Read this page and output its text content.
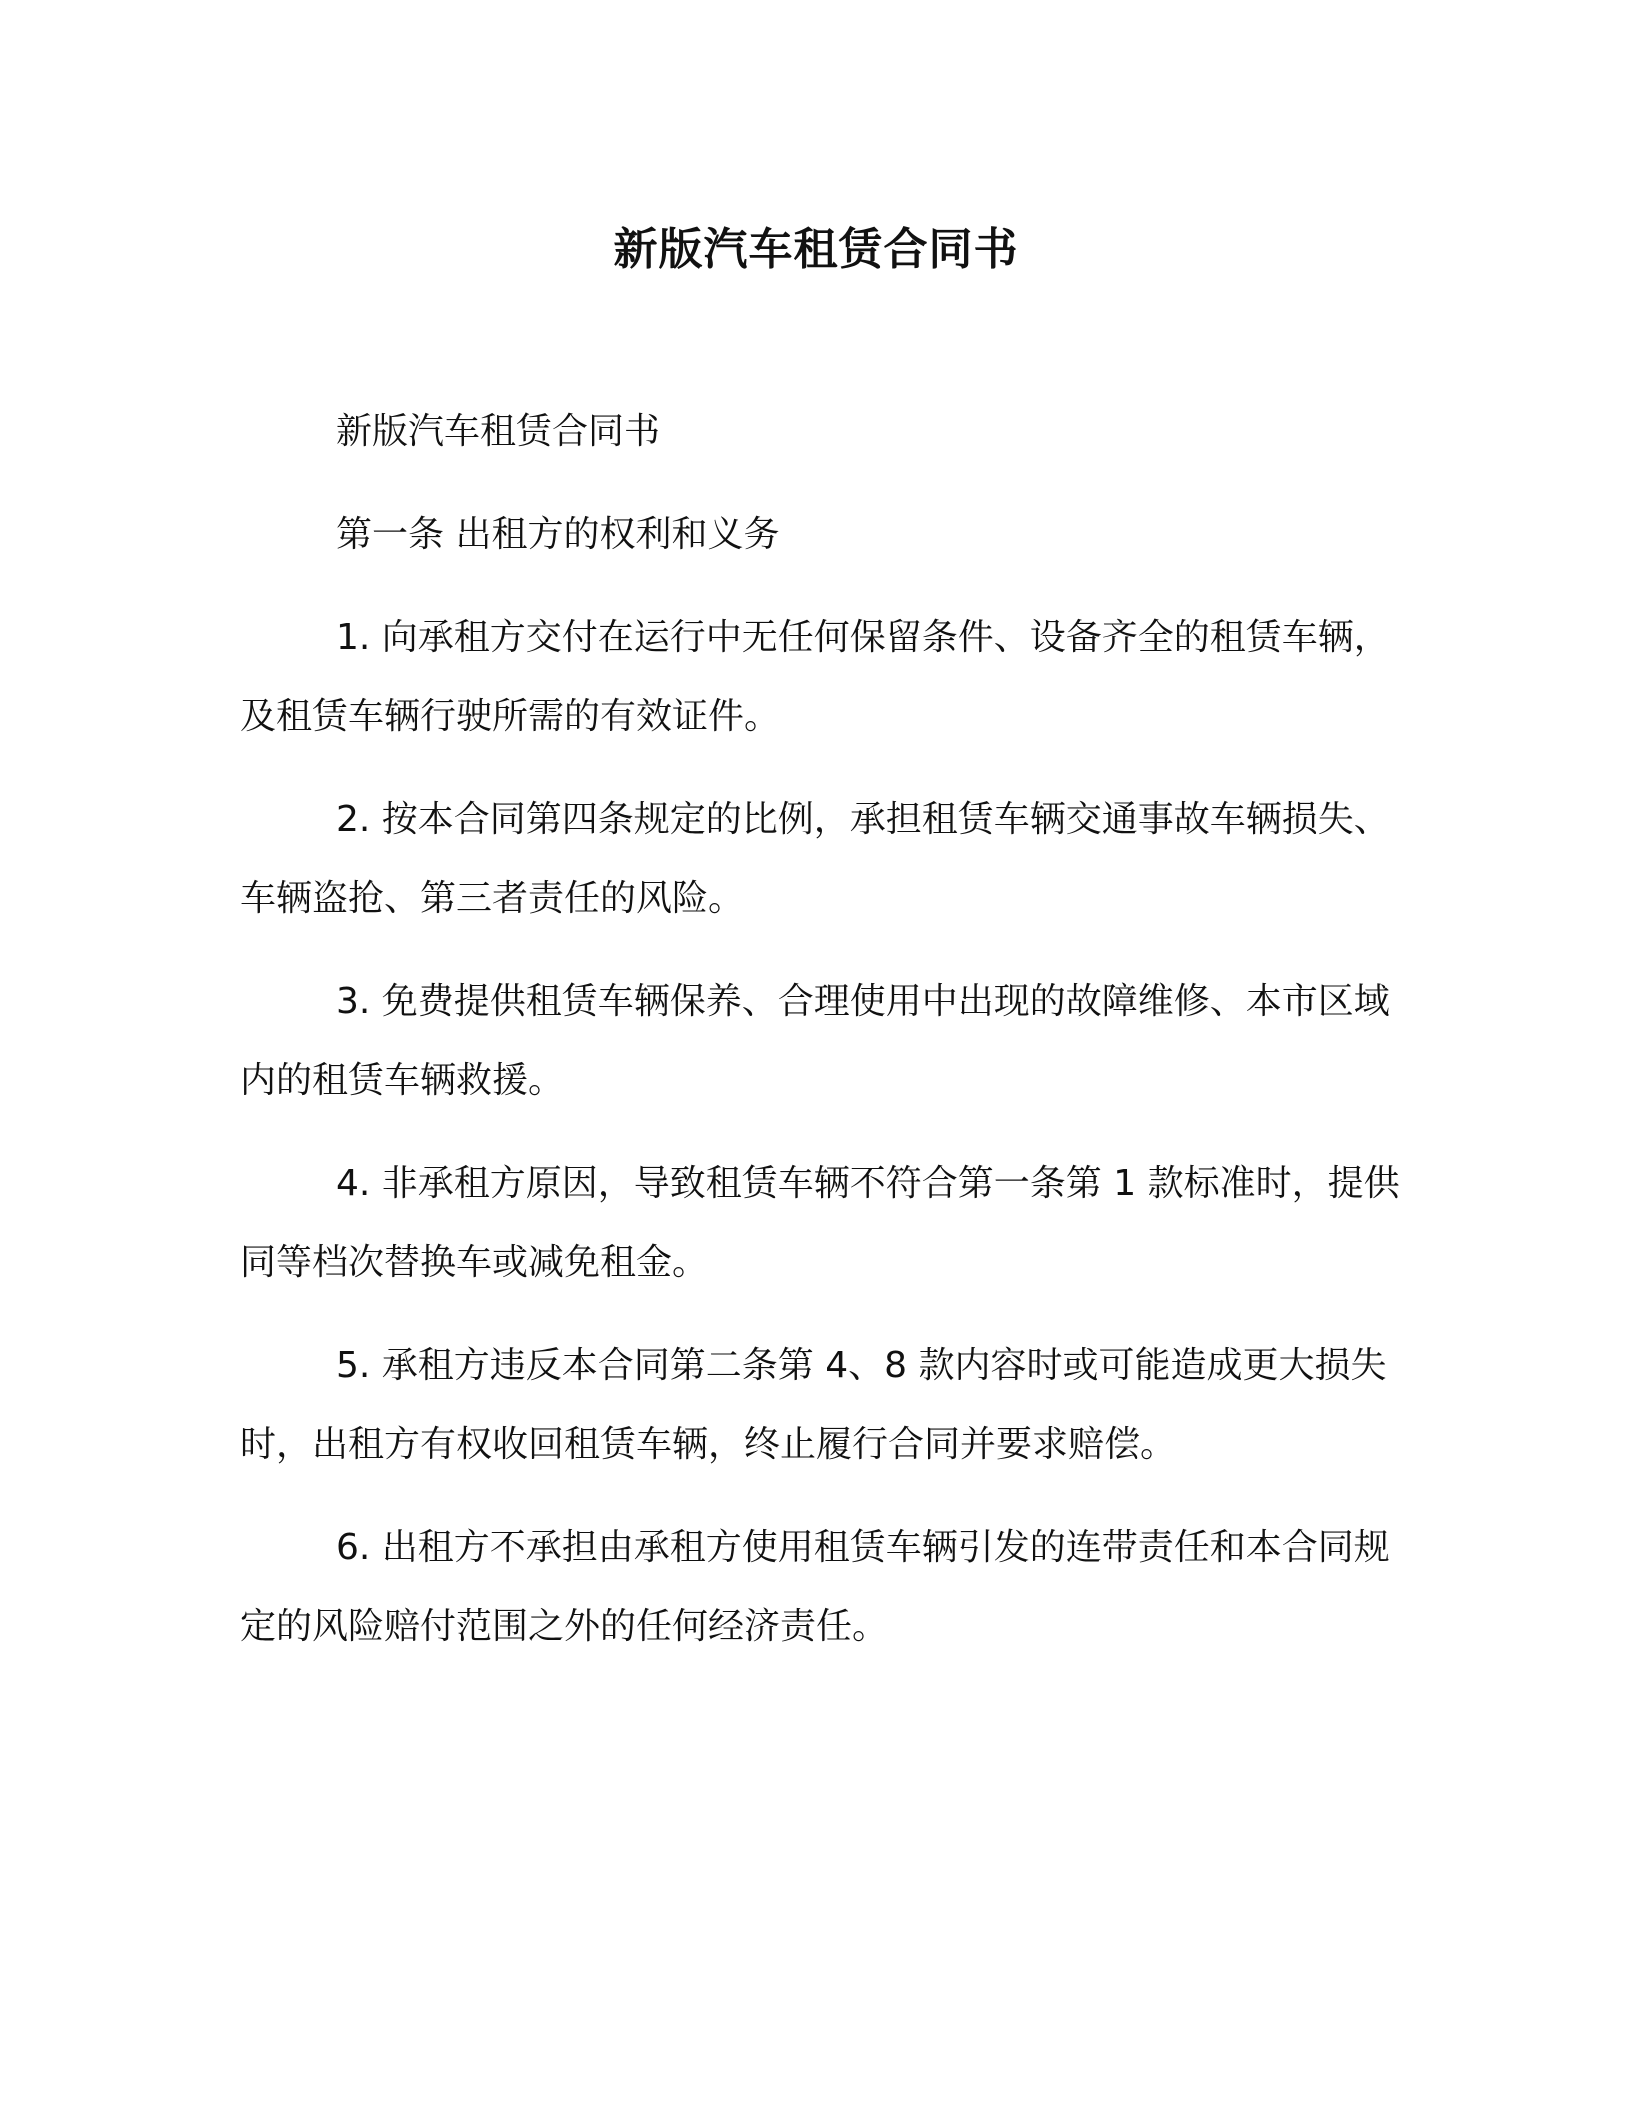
新版汽车租赁合同书

新版汽车租赁合同书

第一条 出租方的权利和义务

1. 向承租方交付在运行中无任何保留条件、设备齐全的租赁车辆，及租赁车辆行驶所需的有效证件。

2. 按本合同第四条规定的比例，承担租赁车辆交通事故车辆损失、车辆盗抢、第三者责任的风险。

3. 免费提供租赁车辆保养、合理使用中出现的故障维修、本市区域内的租赁车辆救援。

4. 非承租方原因，导致租赁车辆不符合第一条第 1 款标准时，提供同等档次替换车或减免租金。

5. 承租方违反本合同第二条第 4、8 款内容时或可能造成更大损失时，出租方有权收回租赁车辆，终止履行合同并要求赔偿。

6. 出租方不承担由承租方使用租赁车辆引发的连带责任和本合同规定的风险赔付范围之外的任何经济责任。
